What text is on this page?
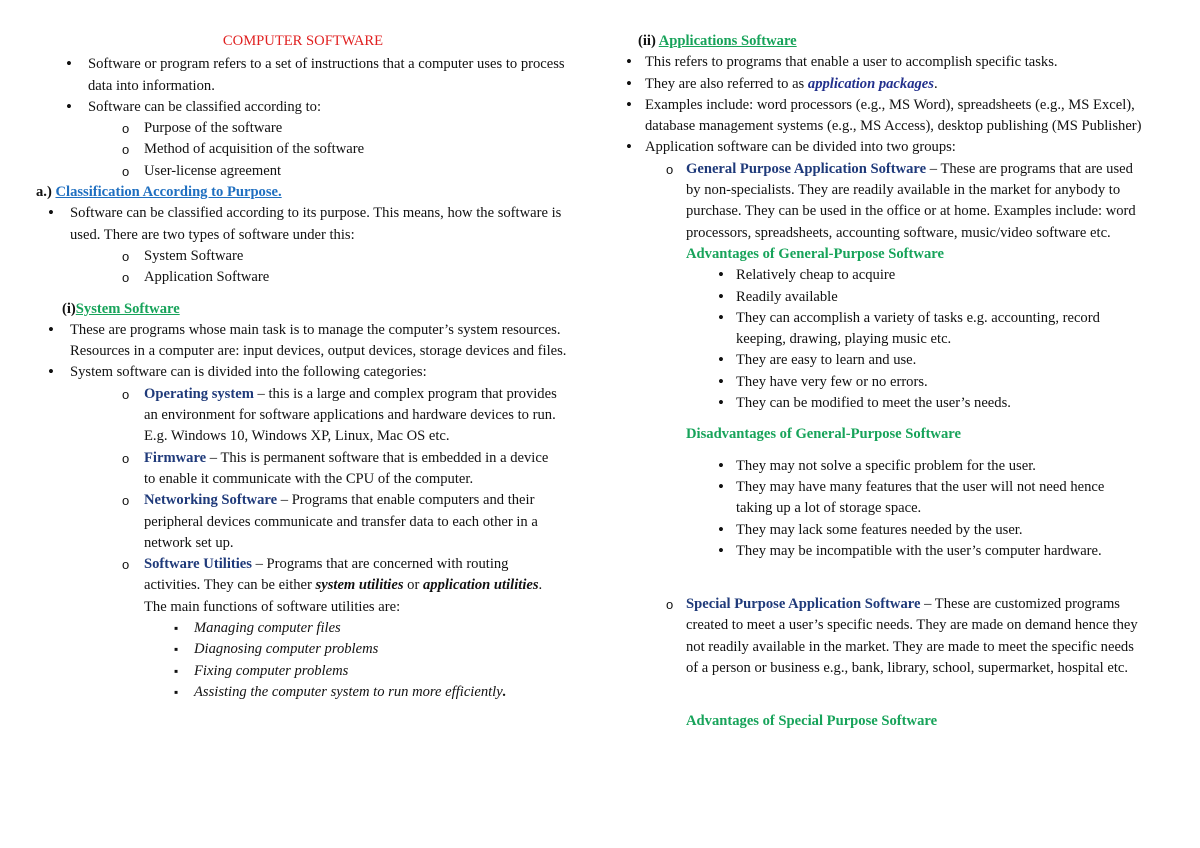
COMPUTER SOFTWARE
• Software or program refers to a set of instructions that a computer uses to process data into information.
• Software can be classified according to:
o Purpose of the software
o Method of acquisition of the software
o User-license agreement

a.) Classification According to Purpose.

• Software can be classified according to its purpose. This means, how the software is used. There are two types of software under this:
o System Software
o Application Software

(i)System Software

• These are programs whose main task is to manage the computer’s system resources. Resources in a computer are: input devices, output devices, storage devices and files.
• System software can is divided into the following categories:
o Operating system – this is a large and complex program that provides an environment for software applications and hardware devices to run. E.g. Windows 10, Windows XP, Linux, Mac OS etc.
o Firmware – This is permanent software that is embedded in a device to enable it communicate with the CPU of the computer.
o Networking Software – Programs that enable computers and their peripheral devices communicate and transfer data to each other in a network set up.
o Software Utilities – Programs that are concerned with routing activities. They can be either system utilities or application utilities. The main functions of software utilities are:
▪ Managing computer files
▪ Diagnosing computer problems
▪ Fixing computer problems
▪ Assisting the computer system to run more efficiently.

(ii) Applications Software

• This refers to programs that enable a user to accomplish specific tasks.
• They are also referred to as application packages.
• Examples include: word processors (e.g., MS Word), spreadsheets (e.g., MS Excel), database management systems (e.g., MS Access), desktop publishing (MS Publisher)
• Application software can be divided into two groups:
o General Purpose Application Software – These are programs that are used by non-specialists. They are readily available in the market for anybody to purchase. They can be used in the office or at home. Examples include: word processors, spreadsheets, accounting software, music/video software etc.
Advantages of General-Purpose Software
• Relatively cheap to acquire
• Readily available
• They can accomplish a variety of tasks e.g. accounting, record keeping, drawing, playing music etc.
• They are easy to learn and use.
• They have very few or no errors.
• They can be modified to meet the user’s needs.
Disadvantages of General-Purpose Software
• They may not solve a specific problem for the user.
• They may have many features that the user will not need hence taking up a lot of storage space.
• They may lack some features needed by the user.
• They may be incompatible with the user’s computer hardware.
o Special Purpose Application Software – These are customized programs created to meet a user’s specific needs. They are made on demand hence they not readily available in the market. They are made to meet the specific needs of a person or business e.g., bank, library, school, supermarket, hospital etc.
Advantages of Special Purpose Software
